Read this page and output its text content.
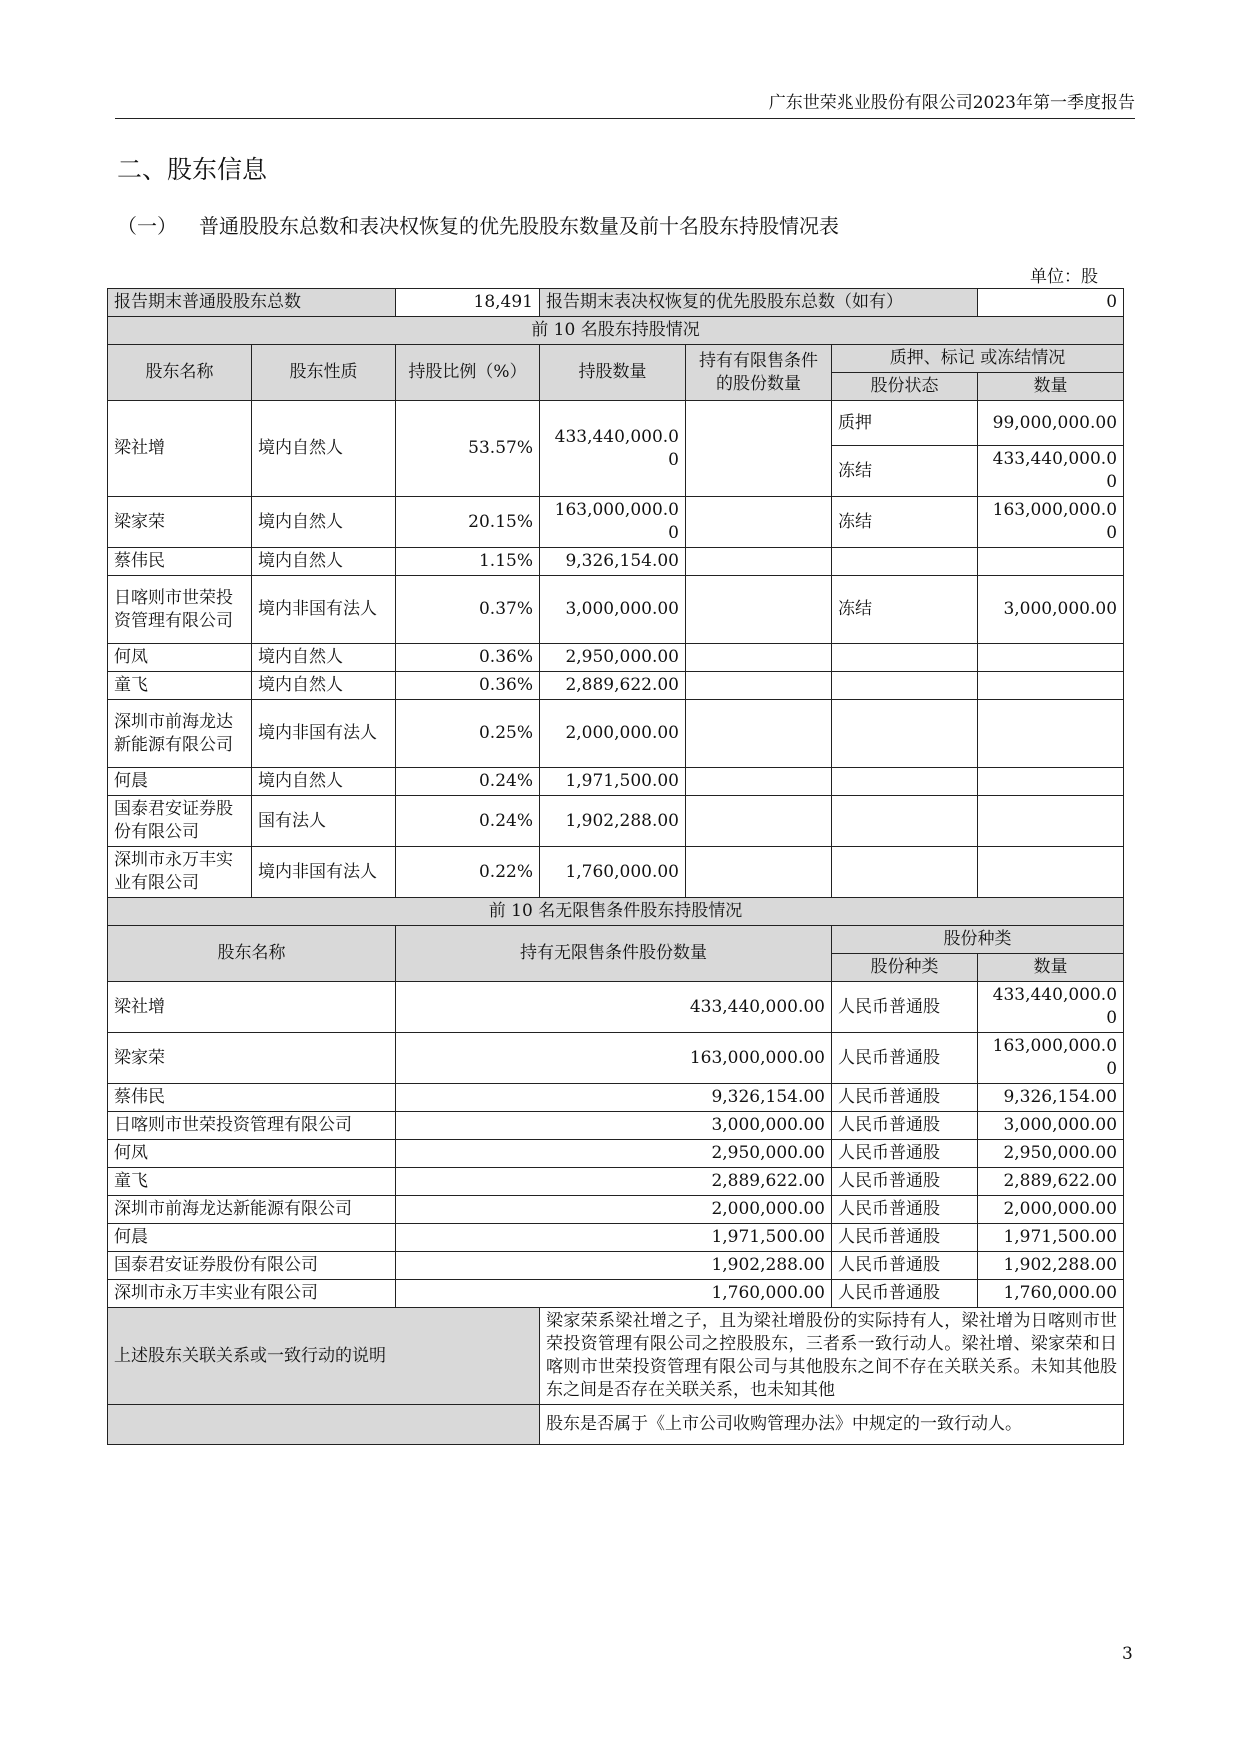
广东世荣兆业股份有限公司2023年第一季度报告
二、股东信息
（一） 普通股股东总数和表决权恢复的优先股股东数量及前十名股东持股情况表
单位：股
报告期末普通股股东总数		18,491	报告期末表决权恢复的优先股股东总数（如有）			0
前 10 名股东持股情况						
股东名称	股东性质	持股比例（%）	持股数量	持有有限售条件的股份数量	质押、标记 或冻结情况	
					股份状态	数量
梁社增	境内自然人	53.57%	433,440,000.00		质押	99,000,000.00
					冻结	433,440,000.00
梁家荣	境内自然人	20.15%	163,000,000.00		冻结	163,000,000.00
蔡伟民	境内自然人	1.15%	9,326,154.00			
日喀则市世荣投资管理有限公司	境内非国有法人	0.37%	3,000,000.00		冻结	3,000,000.00
何凤	境内自然人	0.36%	2,950,000.00			
童飞	境内自然人	0.36%	2,889,622.00			
深圳市前海龙达新能源有限公司	境内非国有法人	0.25%	2,000,000.00			
何晨	境内自然人	0.24%	1,971,500.00			
国泰君安证券股份有限公司	国有法人	0.24%	1,902,288.00			
深圳市永万丰实业有限公司	境内非国有法人	0.22%	1,760,000.00			
前 10 名无限售条件股东持股情况						
股东名称		持有无限售条件股份数量			股份种类	
					股份种类	数量
梁社增		433,440,000.00			人民币普通股	433,440,000.00
梁家荣		163,000,000.00			人民币普通股	163,000,000.00
蔡伟民		9,326,154.00			人民币普通股	9,326,154.00
日喀则市世荣投资管理有限公司		3,000,000.00			人民币普通股	3,000,000.00
何凤		2,950,000.00			人民币普通股	2,950,000.00
童飞		2,889,622.00			人民币普通股	2,889,622.00
深圳市前海龙达新能源有限公司		2,000,000.00			人民币普通股	2,000,000.00
何晨		1,971,500.00			人民币普通股	1,971,500.00
国泰君安证券股份有限公司		1,902,288.00			人民币普通股	1,902,288.00
深圳市永万丰实业有限公司		1,760,000.00			人民币普通股	1,760,000.00
上述股东关联关系或一致行动的说明			梁家荣系梁社增之子，且为梁社增股份的实际持有人，梁社增为日喀则市世荣投资管理有限公司之控股股东，三者系一致行动人。梁社增、梁家荣和日喀则市世荣投资管理有限公司与其他股东之间不存在关联关系。未知其他股东之间是否存在关联关系，也未知其他			
			股东是否属于《上市公司收购管理办法》中规定的一致行动人。			
3
